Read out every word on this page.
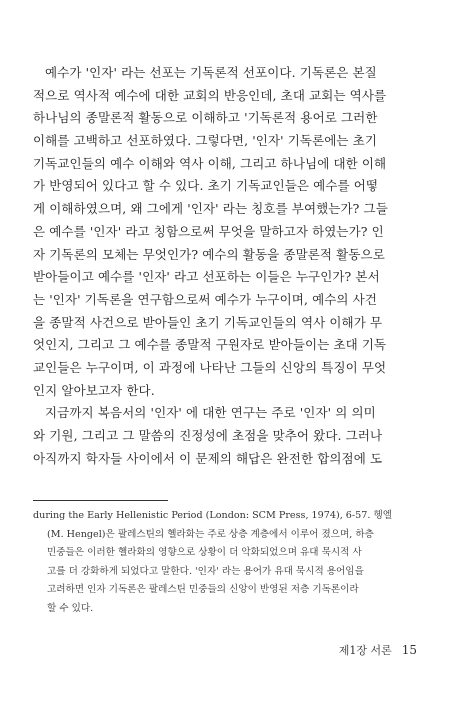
예수가 '인자' 라는 선포는 기독론적 선포이다. 기독론은 본질
적으로 역사적 예수에 대한 교회의 반응인데, 초대 교회는 역사를
하나님의 종말론적 활동으로 이해하고 '기독론적 용어로 그러한
이해를 고백하고 선포하였다. 그렇다면, '인자' 기독론에는 초기
기독교인들의 예수 이해와 역사 이해, 그리고 하나님에 대한 이해
가 반영되어 있다고 할 수 있다. 초기 기독교인들은 예수를 어떻
게 이해하였으며, 왜 그에게 '인자' 라는 칭호를 부여했는가? 그들
은 예수를 '인자' 라고 칭함으로써 무엇을 말하고자 하였는가? 인
자 기독론의 모체는 무엇인가? 예수의 활동을 종말론적 활동으로
받아들이고 예수를 '인자' 라고 선포하는 이들은 누구인가? 본서
는 '인자' 기독론을 연구함으로써 예수가 누구이며, 예수의 사건
을 종말적 사건으로 받아들인 초기 기독교인들의 역사 이해가 무
엇인지, 그리고 그 예수를 종말적 구원자로 받아들이는 초대 기독
교인들은 누구이며, 이 과정에 나타난 그들의 신앙의 특징이 무엇
인지 알아보고자 한다.
지금까지 복음서의 '인자' 에 대한 연구는 주로 '인자' 의 의미
와 기원, 그리고 그 말씀의 진정성에 초점을 맞추어 왔다. 그러나
아직까지 학자들 사이에서 이 문제의 해답은 완전한 합의점에 도
during the Early Hellenistic Period (London: SCM Press, 1974), 6-57. 헹엘
(M. Hengel)은 팔레스틴의 헬라화는 주로 상층 계층에서 이루어 졌으며, 하층
민중들은 이러한 헬라화의 영향으로 상황이 더 악화되었으며 유대 묵시적 사
고를 더 강화하게 되었다고 말한다. '인자' 라는 용어가 유대 묵시적 용어임을
고려하면 인자 기독론은 팔레스틴 민중들의 신앙이 반영된 저층 기독론이라
할 수 있다.
제1장 서론 15
